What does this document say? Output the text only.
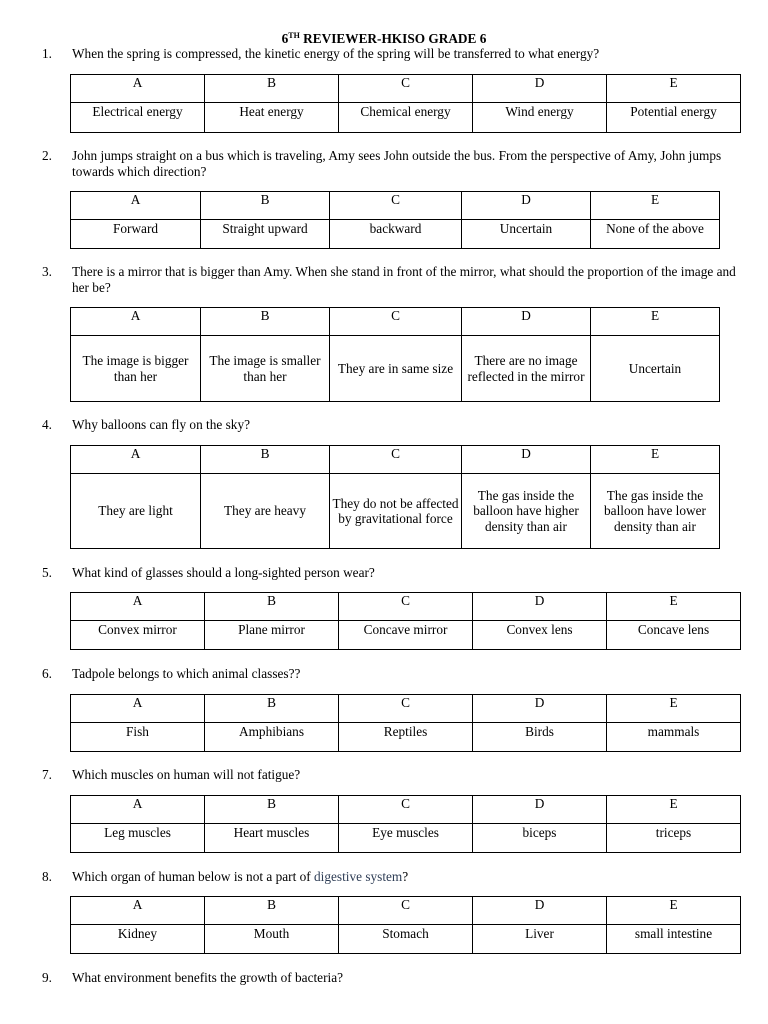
6TH REVIEWER-HKISO GRADE 6
1. When the spring is compressed, the kinetic energy of the spring will be transferred to what energy?
A	B	C	D	E
Electrical energy	Heat energy	Chemical energy	Wind energy	Potential energy
2. John jumps straight on a bus which is traveling, Amy sees John outside the bus. From the perspective of Amy, John jumps towards which direction?
A	B	C	D	E
Forward	Straight upward	backward	Uncertain	None of the above
3. There is a mirror that is bigger than Amy. When she stand in front of the mirror, what should the proportion of the image and her be?
A	B	C	D	E
The image is bigger than her	The image is smaller than her	They are in same size	There are no image reflected in the mirror	Uncertain
4. Why balloons can fly on the sky?
A	B	C	D	E
They are light	They are heavy	They do not be affected by gravitational force	The gas inside the balloon have higher density than air	The gas inside the balloon have lower density than air
5. What kind of glasses should a long-sighted person wear?
A	B	C	D	E
Convex mirror	Plane mirror	Concave mirror	Convex lens	Concave lens
6. Tadpole belongs to which animal classes??
A	B	C	D	E
Fish	Amphibians	Reptiles	Birds	mammals
7. Which muscles on human will not fatigue?
A	B	C	D	E
Leg muscles	Heart muscles	Eye muscles	biceps	triceps
8. Which organ of human below is not a part of digestive system?
A	B	C	D	E
Kidney	Mouth	Stomach	Liver	small intestine
9. What environment benefits the growth of bacteria?
